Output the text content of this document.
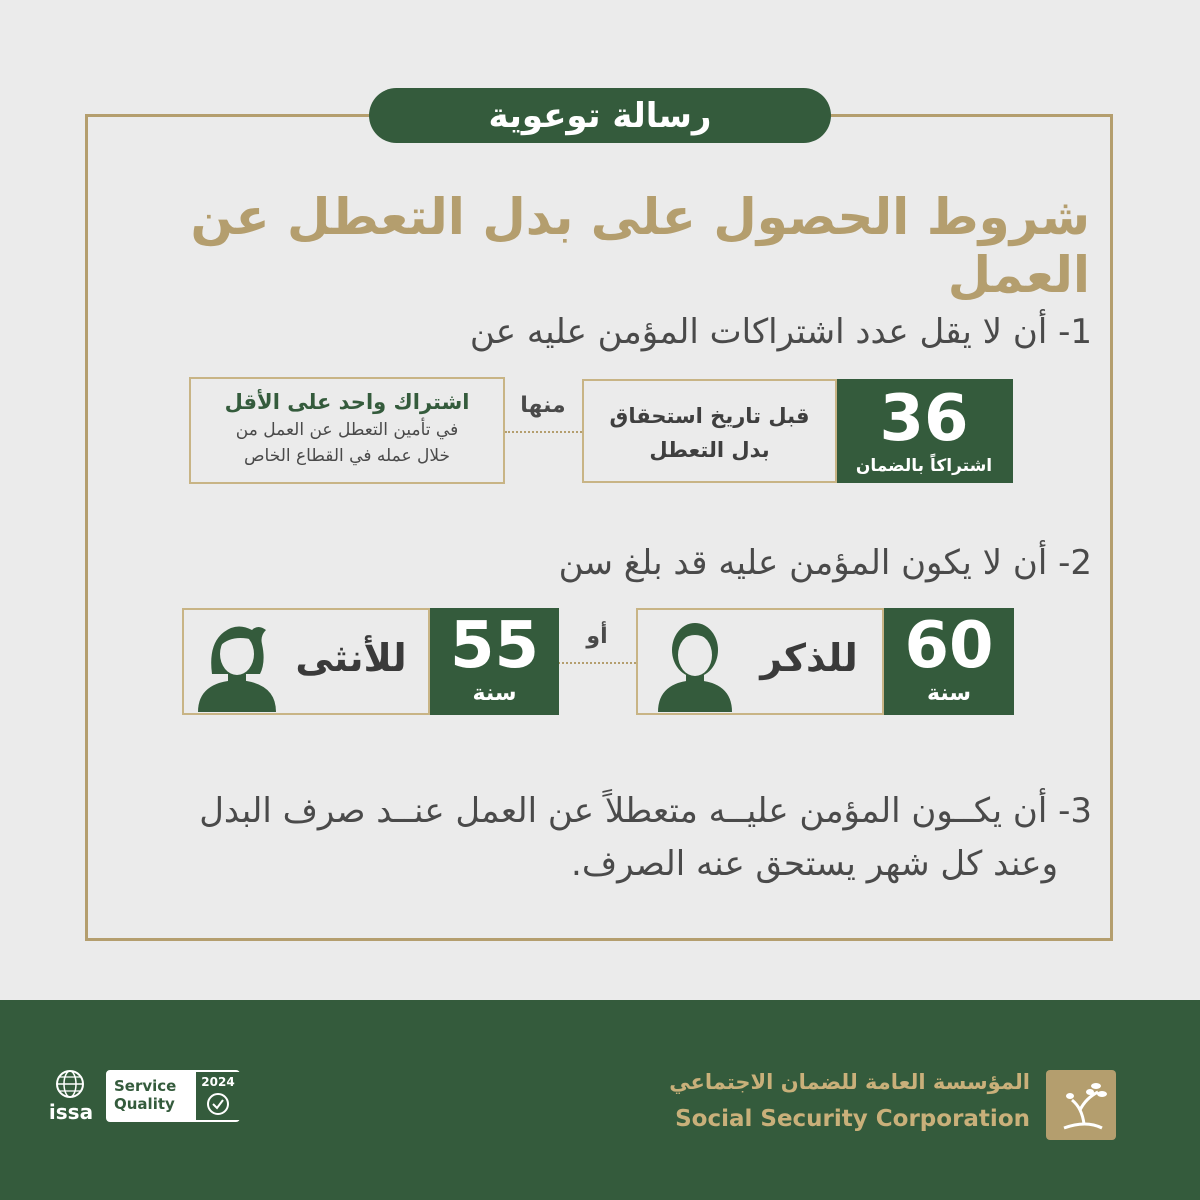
رسالة توعوية
شروط الحصول على بدل التعطل عن العمل
1- أن لا يقل عدد اشتراكات المؤمن عليه عن
36
اشتراكاً بالضمان
قبل تاريخ استحقاق
بدل التعطل
منها
اشتراك واحد على الأقل
في تأمين التعطل عن العمل من
خلال عمله في القطاع الخاص
2- أن لا يكون المؤمن عليه قد بلغ سن
للذكر 60
سنة
أو
للأنثى 55
سنة
3- أن يكــون المؤمن عليــه متعطلاً عن العمل عنــد صرف البدل
وعند كل شهر يستحق عنه الصرف.
المؤسسة العامة للضمان الاجتماعي
Social Security Corporation
issa
Service
Quality
2024
